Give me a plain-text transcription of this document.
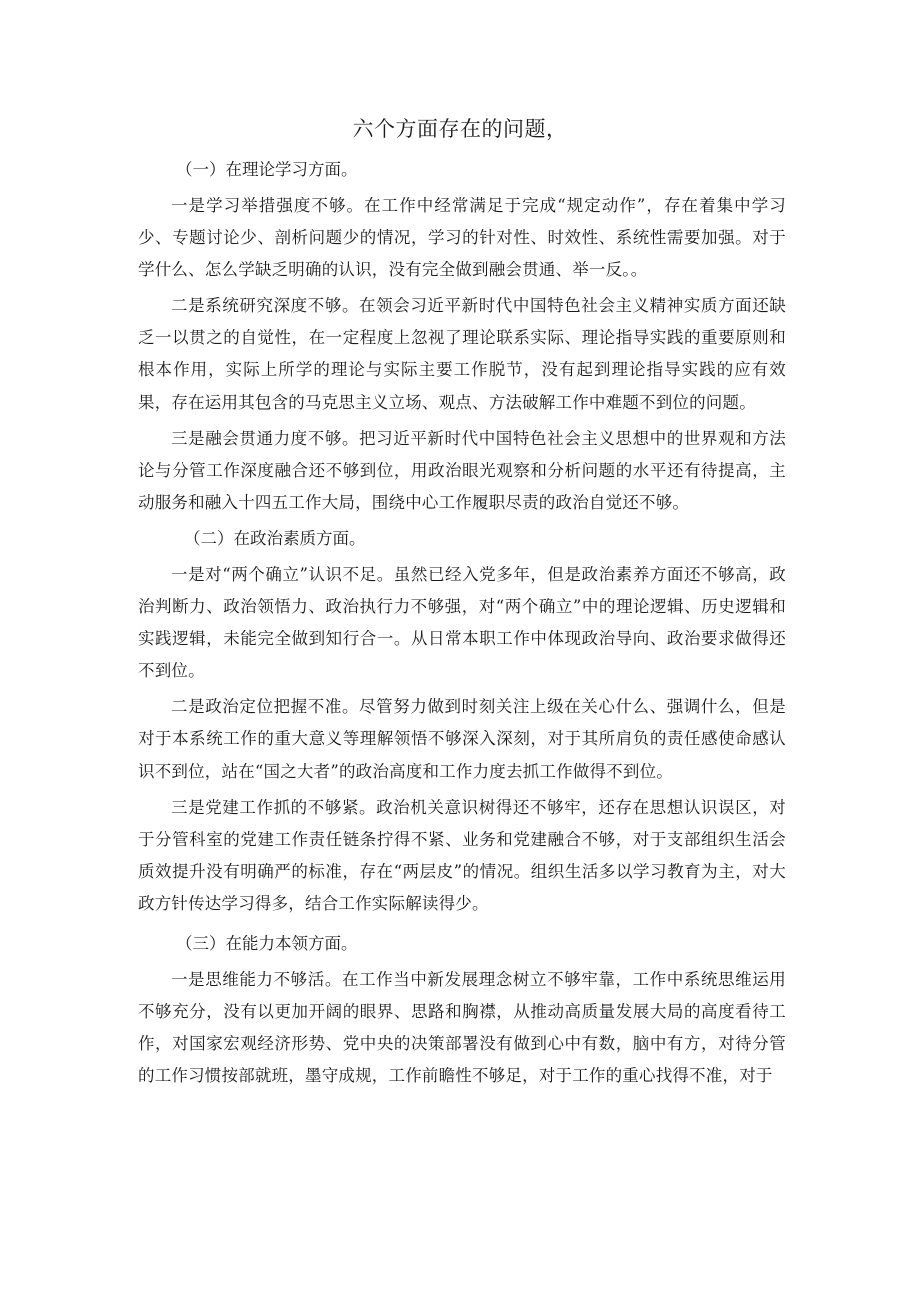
六个方面存在的问题，

（一）在理论学习方面。

一是学习举措强度不够。在工作中经常满足于完成“规定动作”，存在着集中学习少、专题讨论少、剖析问题少的情况，学习的针对性、时效性、系统性需要加强。对于学什么、怎么学缺乏明确的认识，没有完全做到融会贯通、举一反。。

二是系统研究深度不够。在领会习近平新时代中国特色社会主义精神实质方面还缺乏一以贯之的自觉性，在一定程度上忽视了理论联系实际、理论指导实践的重要原则和根本作用，实际上所学的理论与实际主要工作脱节，没有起到理论指导实践的应有效果，存在运用其包含的马克思主义立场、观点、方法破解工作中难题不到位的问题。

三是融会贯通力度不够。把习近平新时代中国特色社会主义思想中的世界观和方法论与分管工作深度融合还不够到位，用政治眼光观察和分析问题的水平还有待提高，主动服务和融入十四五工作大局，围绕中心工作履职尽责的政治自觉还不够。

（二）在政治素质方面。

一是对“两个确立”认识不足。虽然已经入党多年，但是政治素养方面还不够高，政治判断力、政治领悟力、政治执行力不够强，对“两个确立”中的理论逻辑、历史逻辑和实践逻辑，未能完全做到知行合一。从日常本职工作中体现政治导向、政治要求做得还不到位。

二是政治定位把握不准。尽管努力做到时刻关注上级在关心什么、强调什么，但是对于本系统工作的重大意义等理解领悟不够深入深刻，对于其所肩负的责任感使命感认识不到位，站在“国之大者”的政治高度和工作力度去抓工作做得不到位。

三是党建工作抓的不够紧。政治机关意识树得还不够牢，还存在思想认识误区，对于分管科室的党建工作责任链条拧得不紧、业务和党建融合不够，对于支部组织生活会质效提升没有明确严的标准，存在“两层皮”的情况。组织生活多以学习教育为主，对大政方针传达学习得多，结合工作实际解读得少。

（三）在能力本领方面。

一是思维能力不够活。在工作当中新发展理念树立不够牢靠，工作中系统思维运用不够充分，没有以更加开阔的眼界、思路和胸襟，从推动高质量发展大局的高度看待工作，对国家宏观经济形势、党中央的决策部署没有做到心中有数，脑中有方，对待分管的工作习惯按部就班，墨守成规，工作前瞻性不够足，对于工作的重心找得不准，对于
